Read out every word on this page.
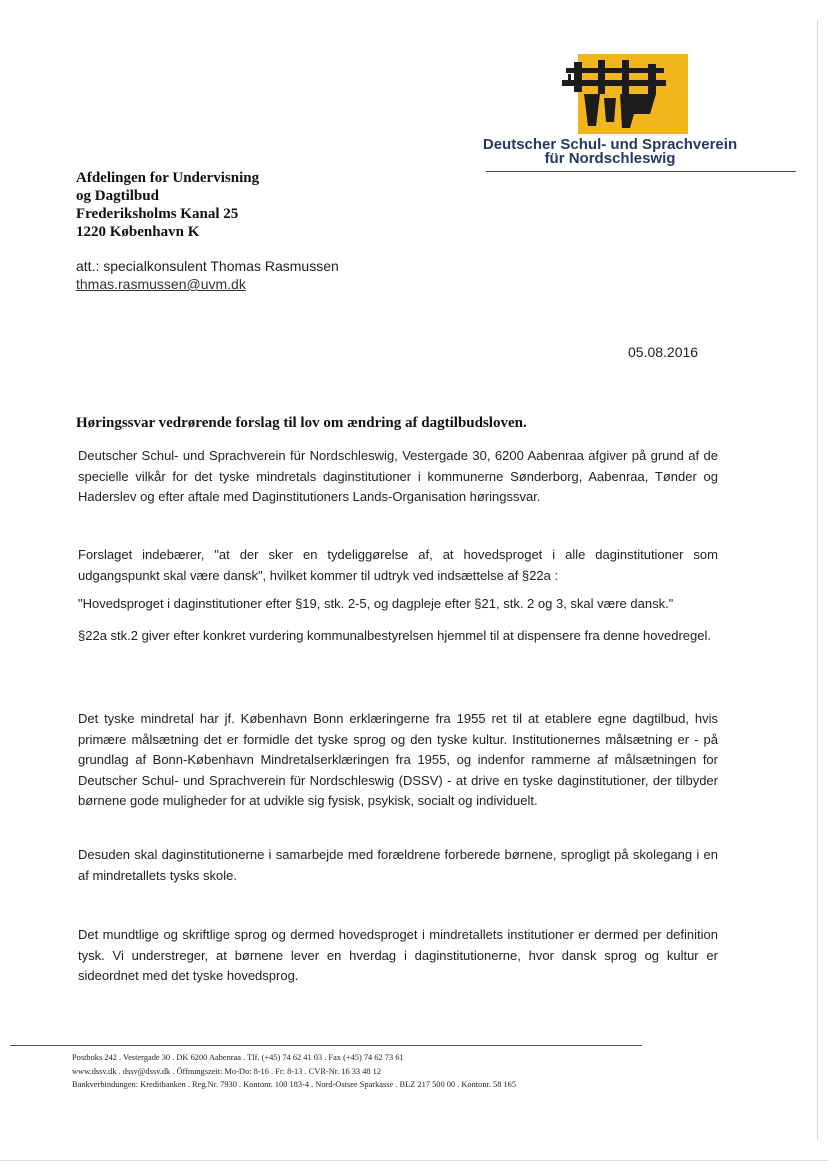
Deutscher Schul- und Sprachverein
für Nordschleswig
Afdelingen for Undervisning
og Dagtilbud
Frederiksholms Kanal 25
1220 København K
att.: specialkonsulent Thomas Rasmussen
thmas.rasmussen@uvm.dk
05.08.2016
Høringssvar vedrørende forslag til lov om ændring af dagtilbudsloven.

Deutscher Schul- und Sprachverein für Nordschleswig, Vestergade 30, 6200 Aabenraa afgiver på grund af de specielle vilkår for det tyske mindretals daginstitutioner i kommunerne Sønderborg, Aabenraa, Tønder og Haderslev og efter aftale med Daginstitutioners Lands-Organisation høringssvar.

Forslaget indebærer, "at der sker en tydeliggørelse af, at hovedsproget i alle daginstitutioner som udgangspunkt skal være dansk", hvilket kommer til udtryk ved indsættelse af §22a :

"Hovedsproget i daginstitutioner efter §19, stk. 2-5, og dagpleje efter §21, stk. 2 og 3, skal være dansk."

§22a stk.2 giver efter konkret vurdering kommunalbestyrelsen hjemmel til at dispensere fra denne hovedregel.

Det tyske mindretal har jf. København Bonn erklæringerne fra 1955 ret til at etablere egne dagtilbud, hvis primære målsætning det er formidle det tyske sprog og den tyske kultur. Institutionernes målsætning er - på grundlag af Bonn-København Mindretalserklæringen fra 1955, og indenfor rammerne af målsætningen for Deutscher Schul- und Sprachverein für Nordschleswig (DSSV) - at drive en tyske daginstitutioner, der tilbyder børnene gode muligheder for at udvikle sig fysisk, psykisk, socialt og individuelt.

Desuden skal daginstitutionerne i samarbejde med forældrene forberede børnene, sprogligt på skolegang i en af mindretallets tysks skole.

Det mundtlige og skriftlige sprog og dermed hovedsproget i mindretallets institutioner er dermed per definition tysk. Vi understreger, at børnene lever en hverdag i daginstitutionerne, hvor dansk sprog og kultur er sideordnet med det tyske hovedsprog.

Postboks 242 . Vestergade 30 . DK 6200 Aabenraa . Tlf. (+45) 74 62 41 03 . Fax (+45) 74 62 73 61
www.dssv.dk . dssv@dssv.dk . Öffnungszeit: Mo-Do: 8-16 . Fr: 8-13 . CVR-Nr. 16 33 48 12
Bankverbindungen: Kreditbanken . Reg.Nr. 7930 . Kontonr. 100 183-4 . Nord-Ostsee Sparkasse . BLZ 217 500 00 . Kontonr. 58 165
